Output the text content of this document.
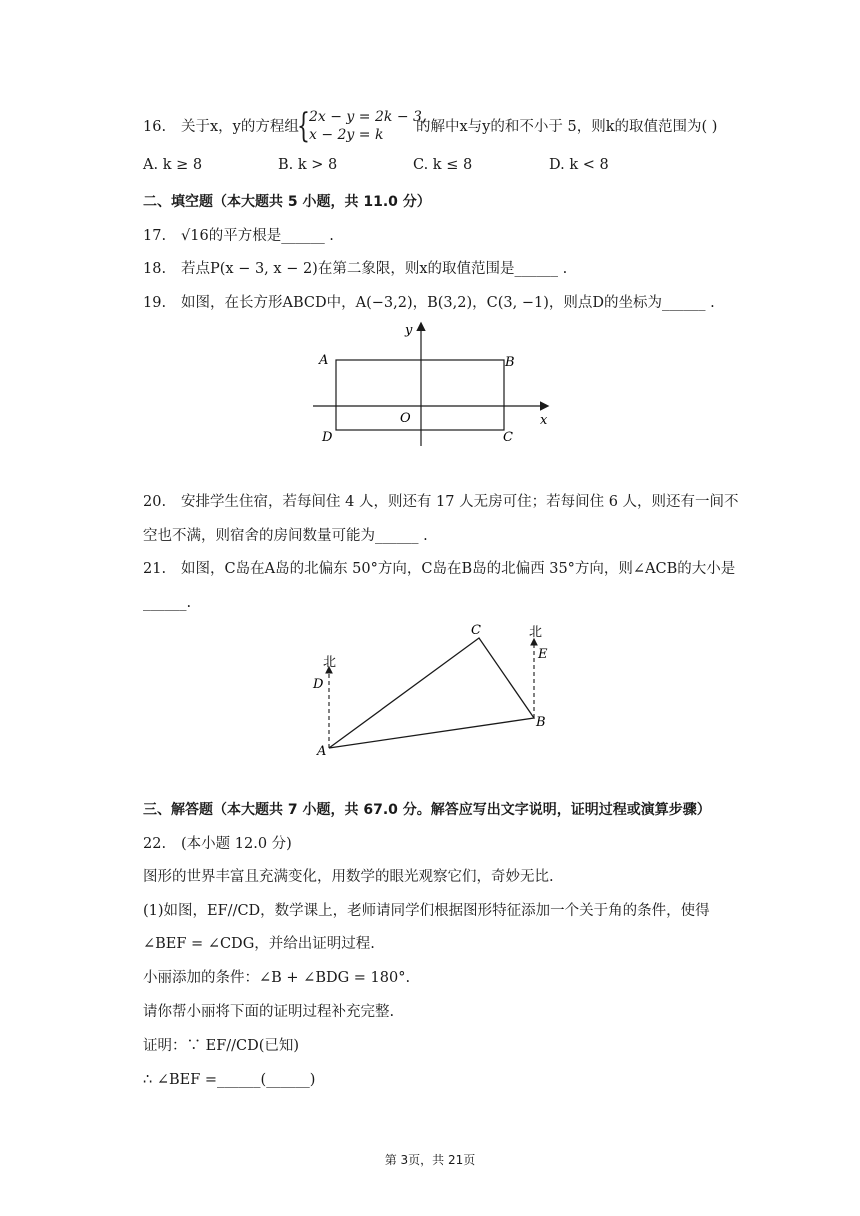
16. 关于x，y的方程组
{ 2x − y = 2k − 3,
x − 2y = k 的解中x与y的和不小于 5，则k的取值范围为( )
A. k ≥ 8	B. k > 8	C. k ≤ 8	D. k < 8
二、填空题（本大题共 5 小题，共 11.0 分）
17. √16的平方根是______ .
18. 若点P(x − 3, x − 2)在第二象限，则x的取值范围是______ .
19. 如图，在长方形ABCD中，A(−3,2)，B(3,2)，C(3, −1)，则点D的坐标为______ .
A	B
C
D
O	x
y
20. 安排学生住宿，若每间住 4 人，则还有 17 人无房可住；若每间住 6 人，则还有一间不
空也不满，则宿舍的房间数量可能为______ .
21. 如图，C岛在A岛的北偏东 50°方向，C岛在B岛的北偏西 35°方向，则∠ACB的大小是
______.
A
B
C
D
E
北
北
三、解答题（本大题共 7 小题，共 67.0 分。解答应写出文字说明，证明过程或演算步骤）
22. (本小题 12.0 分)
图形的世界丰富且充满变化，用数学的眼光观察它们，奇妙无比.
(1)如图，EF//CD，数学课上，老师请同学们根据图形特征添加一个关于角的条件，使得
∠BEF = ∠CDG，并给出证明过程.
小丽添加的条件：∠B + ∠BDG = 180°.
请你帮小丽将下面的证明过程补充完整.
证明：∵ EF//CD(已知)
∴ ∠BEF =______(______)
第 3页，共 21页
